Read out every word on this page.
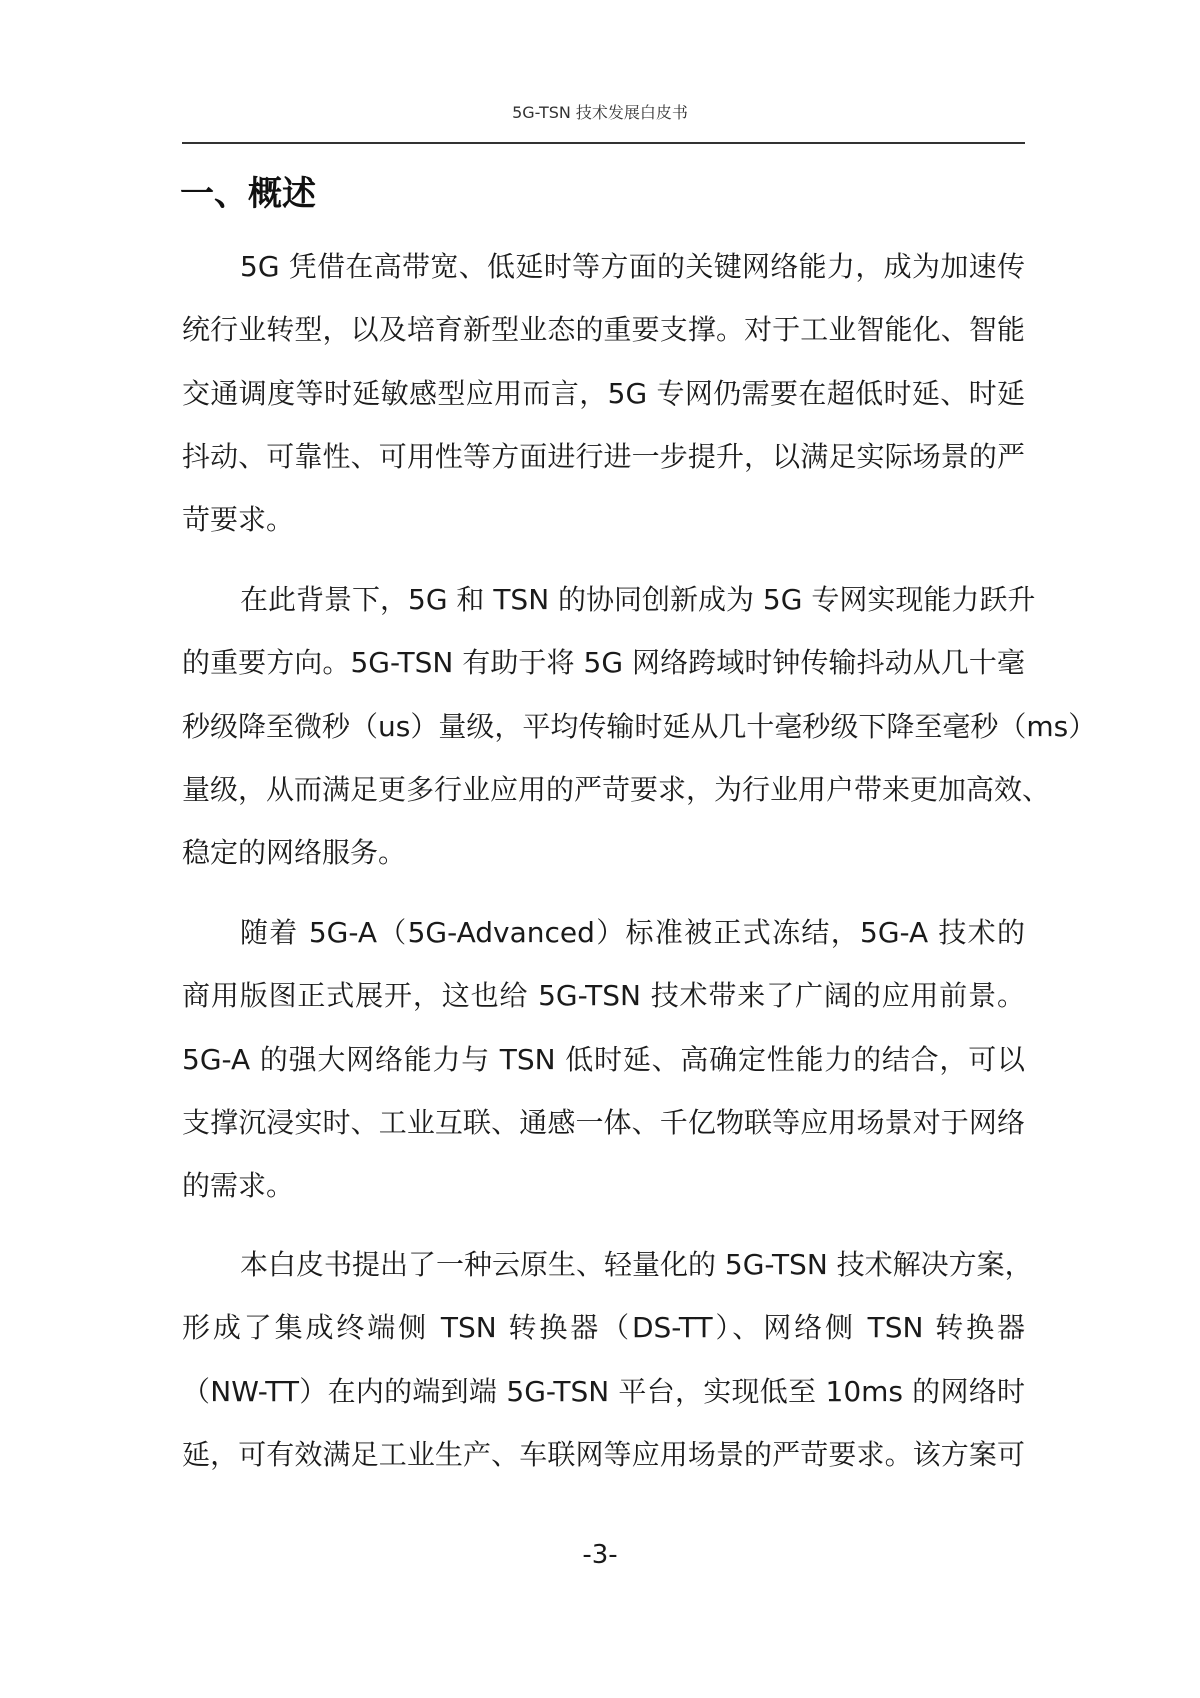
5G-TSN 技术发展白皮书
一、概述
5G 凭借在高带宽、低延时等方面的关键网络能力，成为加速传
统行业转型，以及培育新型业态的重要支撑。对于工业智能化、智能
交通调度等时延敏感型应用而言，5G 专网仍需要在超低时延、时延
抖动、可靠性、可用性等方面进行进一步提升，以满足实际场景的严
苛要求。
在此背景下，5G 和 TSN 的协同创新成为 5G 专网实现能力跃升
的重要方向。5G-TSN 有助于将 5G 网络跨域时钟传输抖动从几十毫
秒级降至微秒（us）量级，平均传输时延从几十毫秒级下降至毫秒（ms）
量级，从而满足更多行业应用的严苛要求，为行业用户带来更加高效、
稳定的网络服务。
随着 5G-A（5G-Advanced）标准被正式冻结，5G-A 技术的
商用版图正式展开，这也给 5G-TSN 技术带来了广阔的应用前景。
5G-A 的强大网络能力与 TSN 低时延、高确定性能力的结合，可以
支撑沉浸实时、工业互联、通感一体、千亿物联等应用场景对于网络
的需求。
本白皮书提出了一种云原生、轻量化的 5G-TSN 技术解决方案，
形成了集成终端侧 TSN 转换器（DS-TT）、网络侧 TSN 转换器
（NW-TT）在内的端到端 5G-TSN 平台，实现低至 10ms 的网络时
延，可有效满足工业生产、车联网等应用场景的严苛要求。该方案可
-3-
